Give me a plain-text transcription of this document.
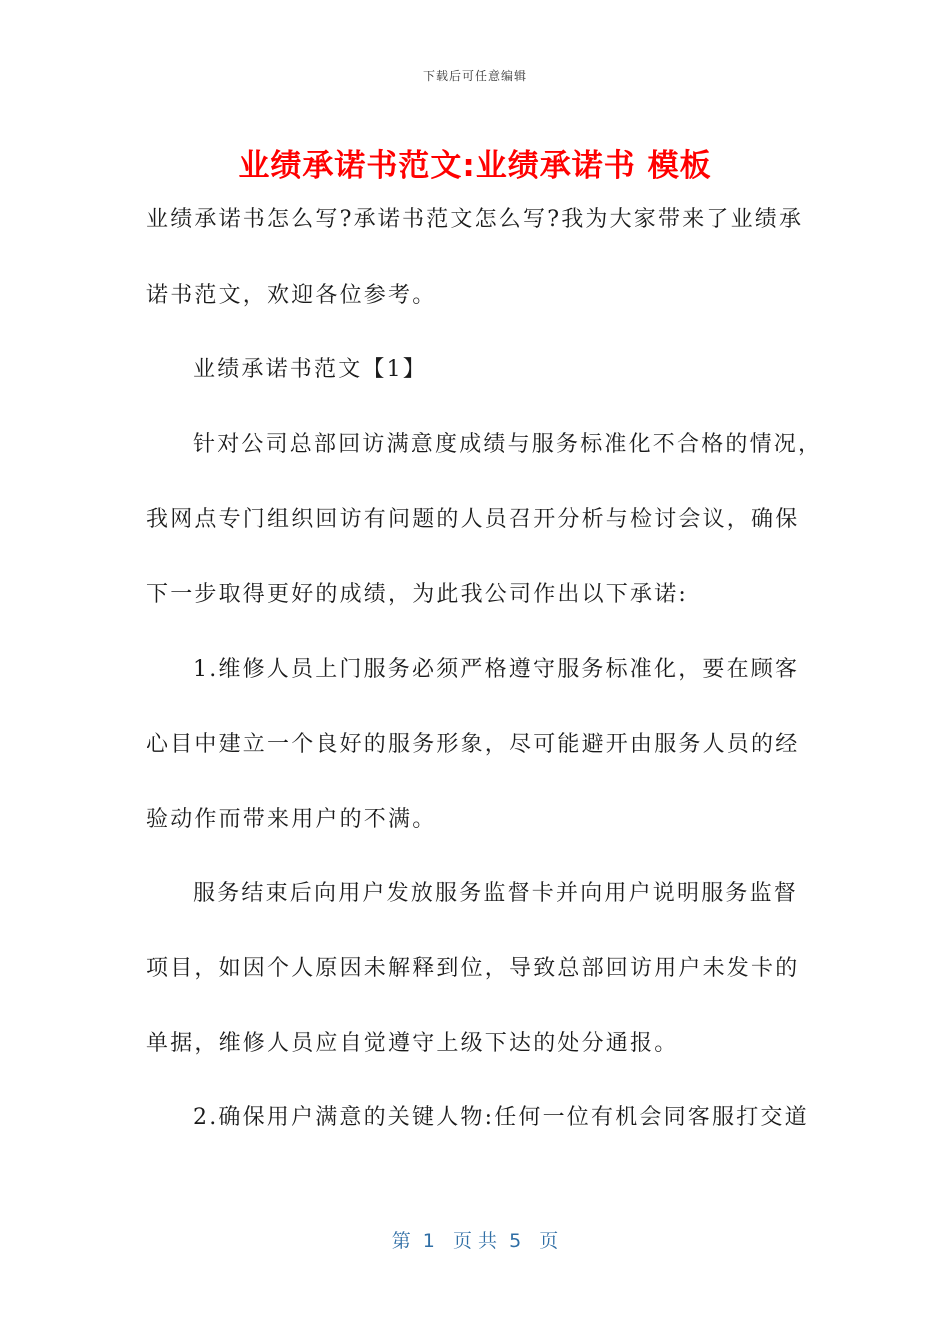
下载后可任意编辑
业绩承诺书范文:业绩承诺书 模板
业绩承诺书怎么写?承诺书范文怎么写?我为大家带来了业绩承
诺书范文，欢迎各位参考。
业绩承诺书范文【1】
针对公司总部回访满意度成绩与服务标准化不合格的情况，
我网点专门组织回访有问题的人员召开分析与检讨会议，确保
下一步取得更好的成绩，为此我公司作出以下承诺:
1.维修人员上门服务必须严格遵守服务标准化，要在顾客
心目中建立一个良好的服务形象，尽可能避开由服务人员的经
验动作而带来用户的不满。
服务结束后向用户发放服务监督卡并向用户说明服务监督
项目，如因个人原因未解释到位，导致总部回访用户未发卡的
单据，维修人员应自觉遵守上级下达的处分通报。
2.确保用户满意的关键人物:任何一位有机会同客服打交道
第  1   页 共  5   页
